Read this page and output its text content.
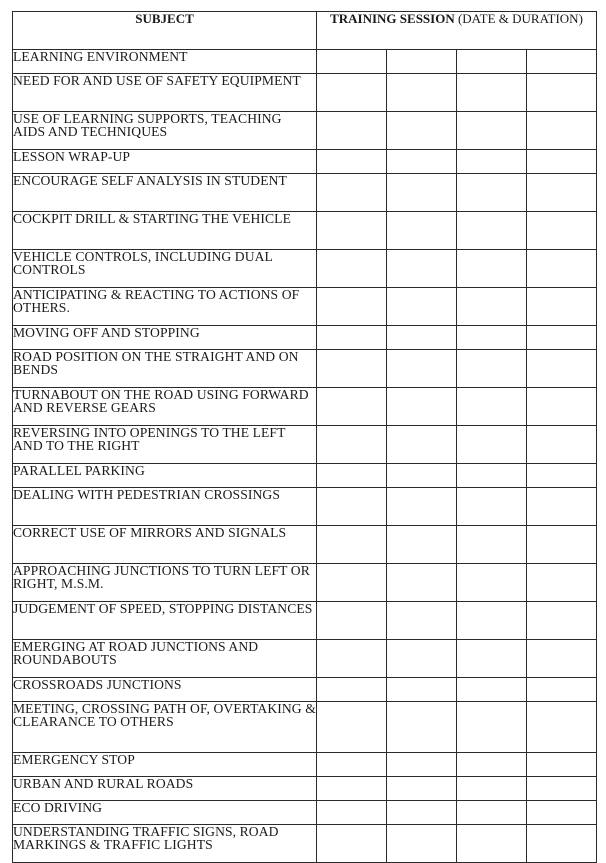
SUBJECT	TRAINING SESSION (DATE & DURATION)			
LEARNING ENVIRONMENT				
NEED FOR AND USE OF SAFETY EQUIPMENT				
USE OF LEARNING SUPPORTS, TEACHING AIDS AND TECHNIQUES				
LESSON WRAP-UP				
ENCOURAGE SELF ANALYSIS IN STUDENT				
COCKPIT DRILL & STARTING THE VEHICLE				
VEHICLE CONTROLS, INCLUDING DUAL CONTROLS				
ANTICIPATING & REACTING TO ACTIONS OF OTHERS.				
MOVING OFF AND STOPPING				
ROAD POSITION ON THE STRAIGHT AND ON BENDS				
TURNABOUT ON THE ROAD USING FORWARD AND REVERSE GEARS				
REVERSING INTO OPENINGS TO THE LEFT AND TO THE RIGHT				
PARALLEL PARKING				
DEALING WITH PEDESTRIAN CROSSINGS				
CORRECT USE OF MIRRORS AND SIGNALS				
APPROACHING JUNCTIONS TO TURN LEFT OR RIGHT, M.S.M.				
JUDGEMENT OF SPEED, STOPPING DISTANCES				
EMERGING AT ROAD JUNCTIONS AND ROUNDABOUTS				
CROSSROADS JUNCTIONS				
MEETING, CROSSING PATH OF, OVERTAKING & CLEARANCE TO OTHERS				
EMERGENCY STOP				
URBAN AND RURAL ROADS				
ECO DRIVING				
UNDERSTANDING TRAFFIC SIGNS, ROAD MARKINGS & TRAFFIC LIGHTS				
